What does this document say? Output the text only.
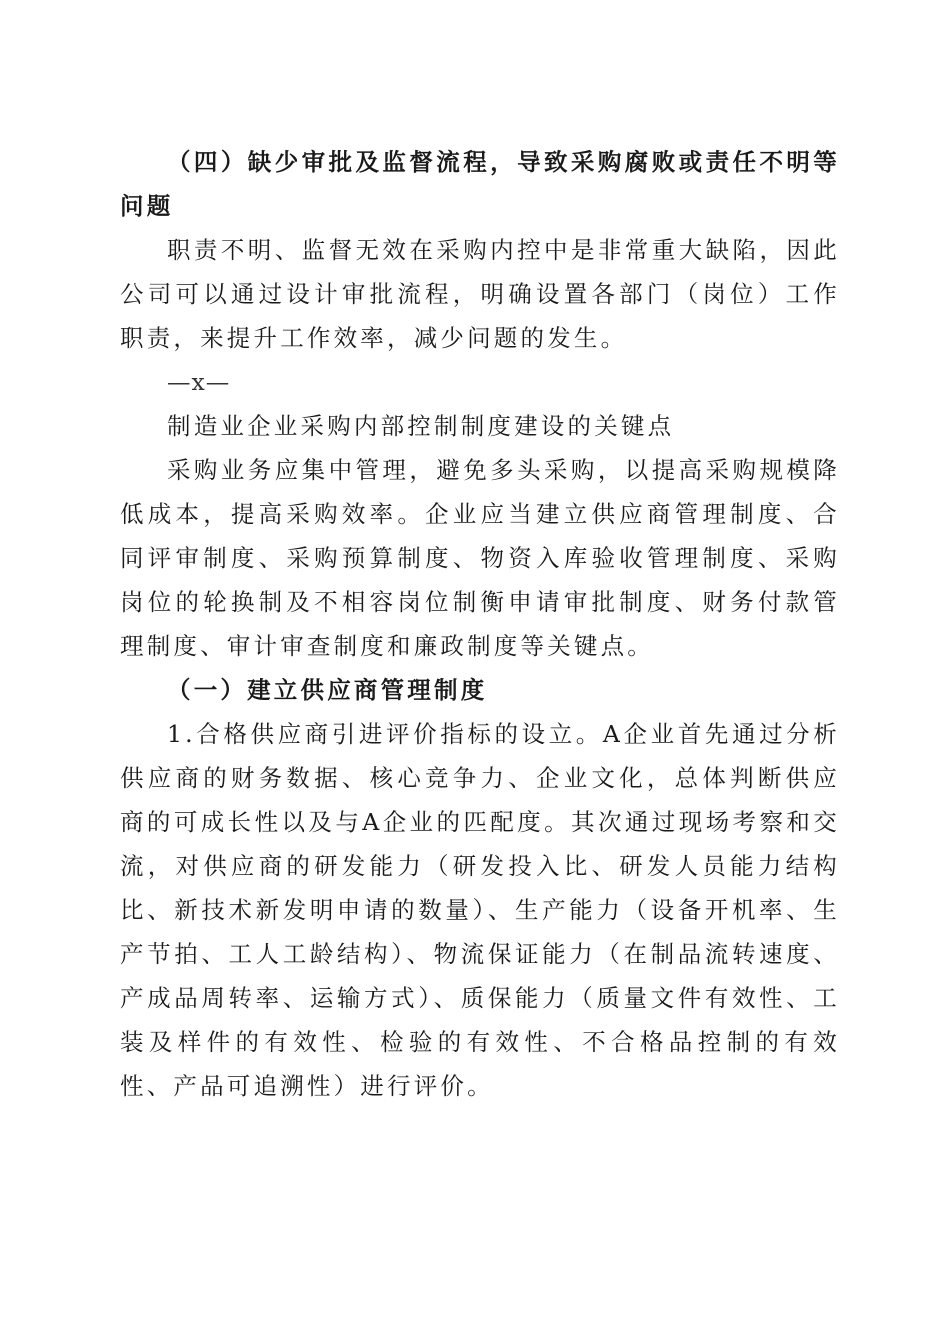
（四）缺少审批及监督流程，导致采购腐败或责任不明等问题

职责不明、监督无效在采购内控中是非常重大缺陷，因此公司可以通过设计审批流程，明确设置各部门（岗位）工作职责，来提升工作效率，减少问题的发生。

—x—

制造业企业采购内部控制制度建设的关键点

采购业务应集中管理，避免多头采购，以提高采购规模降低成本，提高采购效率。企业应当建立供应商管理制度、合同评审制度、采购预算制度、物资入库验收管理制度、采购岗位的轮换制及不相容岗位制衡申请审批制度、财务付款管理制度、审计审查制度和廉政制度等关键点。

（一）建立供应商管理制度

1.合格供应商引进评价指标的设立。A企业首先通过分析供应商的财务数据、核心竞争力、企业文化，总体判断供应商的可成长性以及与A企业的匹配度。其次通过现场考察和交流，对供应商的研发能力（研发投入比、研发人员能力结构比、新技术新发明申请的数量）、生产能力（设备开机率、生产节拍、工人工龄结构）、物流保证能力（在制品流转速度、产成品周转率、运输方式）、质保能力（质量文件有效性、工装及样件的有效性、检验的有效性、不合格品控制的有效性、产品可追溯性）进行评价。
